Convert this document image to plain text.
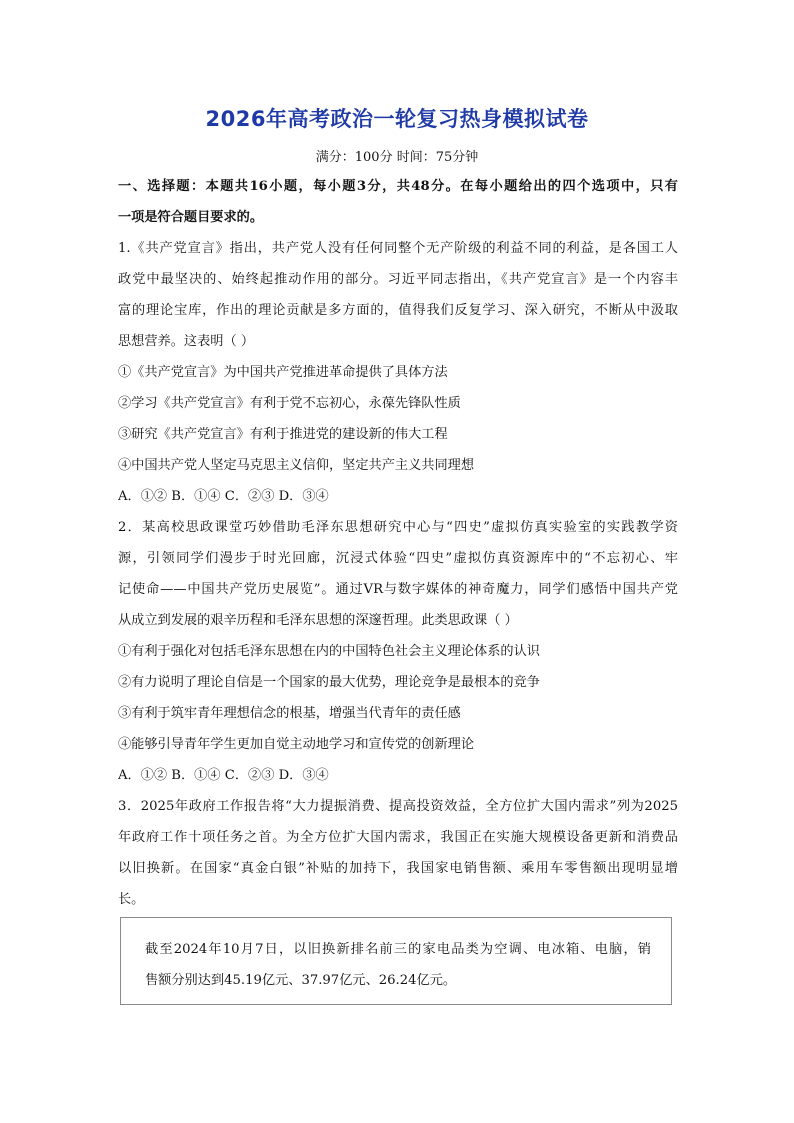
2026年高考政治一轮复习热身模拟试卷
满分：100分 时间：75分钟
一、选择题：本题共16小题，每小题3分，共48分。在每小题给出的四个选项中，只有
一项是符合题目要求的。
1.《共产党宣言》指出，共产党人没有任何同整个无产阶级的利益不同的利益，是各国工人
政党中最坚决的、始终起推动作用的部分。习近平同志指出，《共产党宣言》是一个内容丰
富的理论宝库，作出的理论贡献是多方面的，值得我们反复学习、深入研究，不断从中汲取
思想营养。这表明（ ）
①《共产党宣言》为中国共产党推进革命提供了具体方法
②学习《共产党宣言》有利于党不忘初心，永葆先锋队性质
③研究《共产党宣言》有利于推进党的建设新的伟大工程
④中国共产党人坚定马克思主义信仰，坚定共产主义共同理想
A．①② B．①④ C．②③ D．③④
2．某高校思政课堂巧妙借助毛泽东思想研究中心与“四史”虚拟仿真实验室的实践教学资
源，引领同学们漫步于时光回廊，沉浸式体验“四史”虚拟仿真资源库中的“不忘初心、牢
记使命——中国共产党历史展览”。通过VR与数字媒体的神奇魔力，同学们感悟中国共产党
从成立到发展的艰辛历程和毛泽东思想的深邃哲理。此类思政课（ ）
①有利于强化对包括毛泽东思想在内的中国特色社会主义理论体系的认识
②有力说明了理论自信是一个国家的最大优势，理论竞争是最根本的竞争
③有利于筑牢青年理想信念的根基，增强当代青年的责任感
④能够引导青年学生更加自觉主动地学习和宣传党的创新理论
A．①② B．①④ C．②③ D．③④
3．2025年政府工作报告将“大力提振消费、提高投资效益，全方位扩大国内需求”列为2025
年政府工作十项任务之首。为全方位扩大国内需求，我国正在实施大规模设备更新和消费品
以旧换新。在国家“真金白银”补贴的加持下，我国家电销售额、乘用车零售额出现明显增
长。
截至2024年10月7日，以旧换新排名前三的家电品类为空调、电冰箱、电脑，销
售额分别达到45.19亿元、37.97亿元、26.24亿元。
